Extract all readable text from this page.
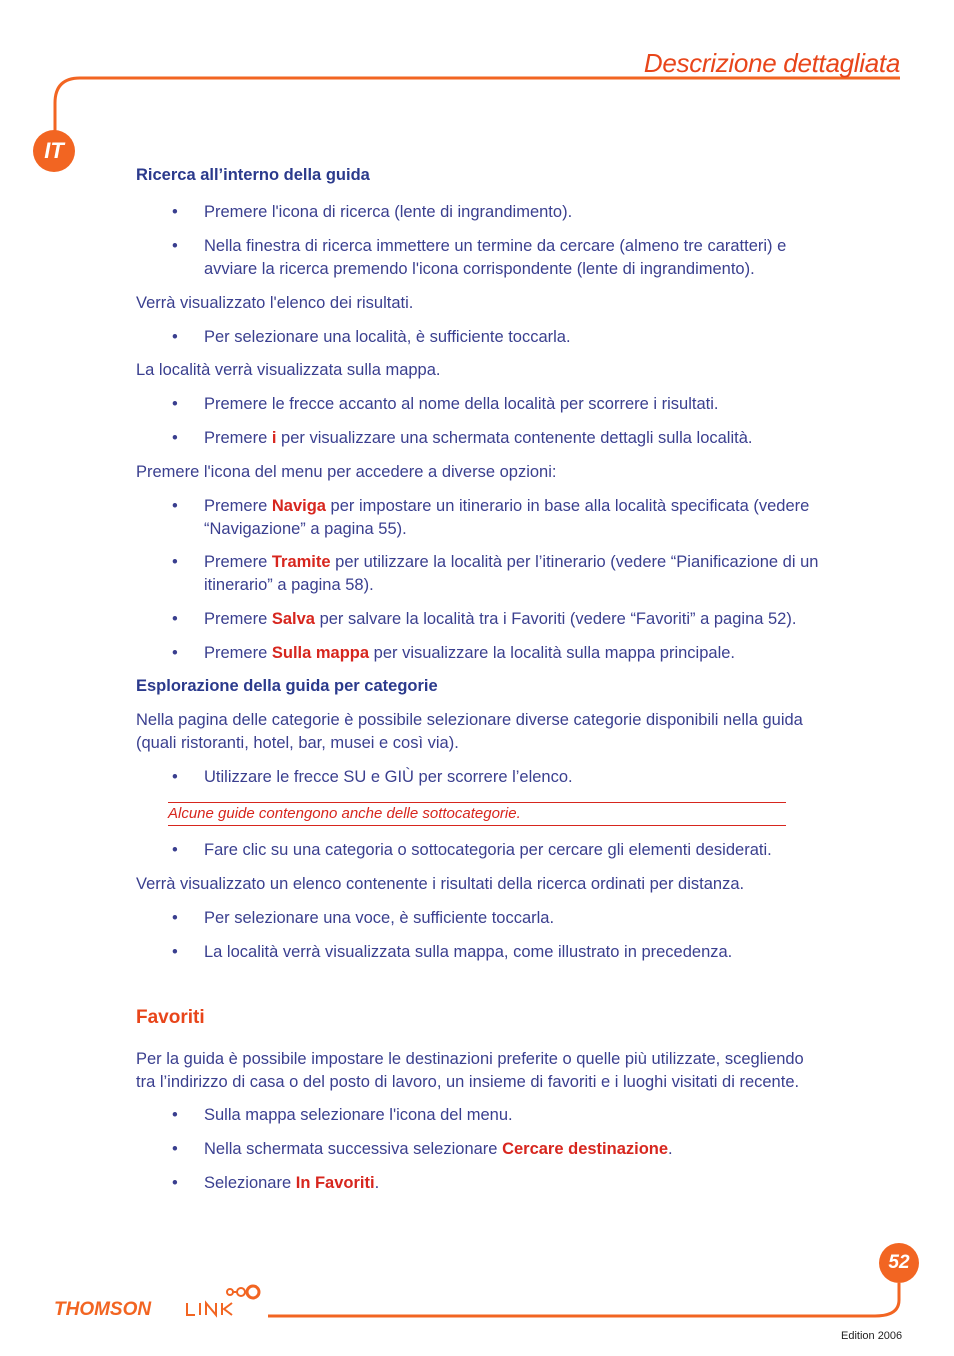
Descrizione dettagliata
IT
Ricerca all’interno della guida
• Premere l'icona di ricerca (lente di ingrandimento).
• Nella finestra di ricerca immettere un termine da cercare (almeno tre caratteri) e avviare la ricerca premendo l'icona corrispondente (lente di ingrandimento).
Verrà visualizzato l'elenco dei risultati.
• Per selezionare una località, è sufficiente toccarla.
La località verrà visualizzata sulla mappa.
• Premere le frecce accanto al nome della località per scorrere i risultati.
• Premere i per visualizzare una schermata contenente dettagli sulla località.
Premere l'icona del menu per accedere a diverse opzioni:
• Premere Naviga per impostare un itinerario in base alla località specificata (vedere “Navigazione” a pagina 55).
• Premere Tramite per utilizzare la località per l’itinerario (vedere “Pianificazione di un itinerario” a pagina 58).
• Premere Salva per salvare la località tra i Favoriti (vedere “Favoriti” a pagina 52).
• Premere Sulla mappa per visualizzare la località sulla mappa principale.
Esplorazione della guida per categorie
Nella pagina delle categorie è possibile selezionare diverse categorie disponibili nella guida (quali ristoranti, hotel, bar, musei e così via).
• Utilizzare le frecce SU e GIÙ per scorrere l’elenco.
Alcune guide contengono anche delle sottocategorie.
• Fare clic su una categoria o sottocategoria per cercare gli elementi desiderati.
Verrà visualizzato un elenco contenente i risultati della ricerca ordinati per distanza.
• Per selezionare una voce, è sufficiente toccarla.
• La località verrà visualizzata sulla mappa, come illustrato in precedenza.
Favoriti
Per la guida è possibile impostare le destinazioni preferite o quelle più utilizzate, scegliendo tra l’indirizzo di casa o del posto di lavoro, un insieme di favoriti e i luoghi visitati di recente.
• Sulla mappa selezionare l'icona del menu.
• Nella schermata successiva selezionare Cercare destinazione.
• Selezionare In Favoriti.
52
THOMSON
Edition 2006
